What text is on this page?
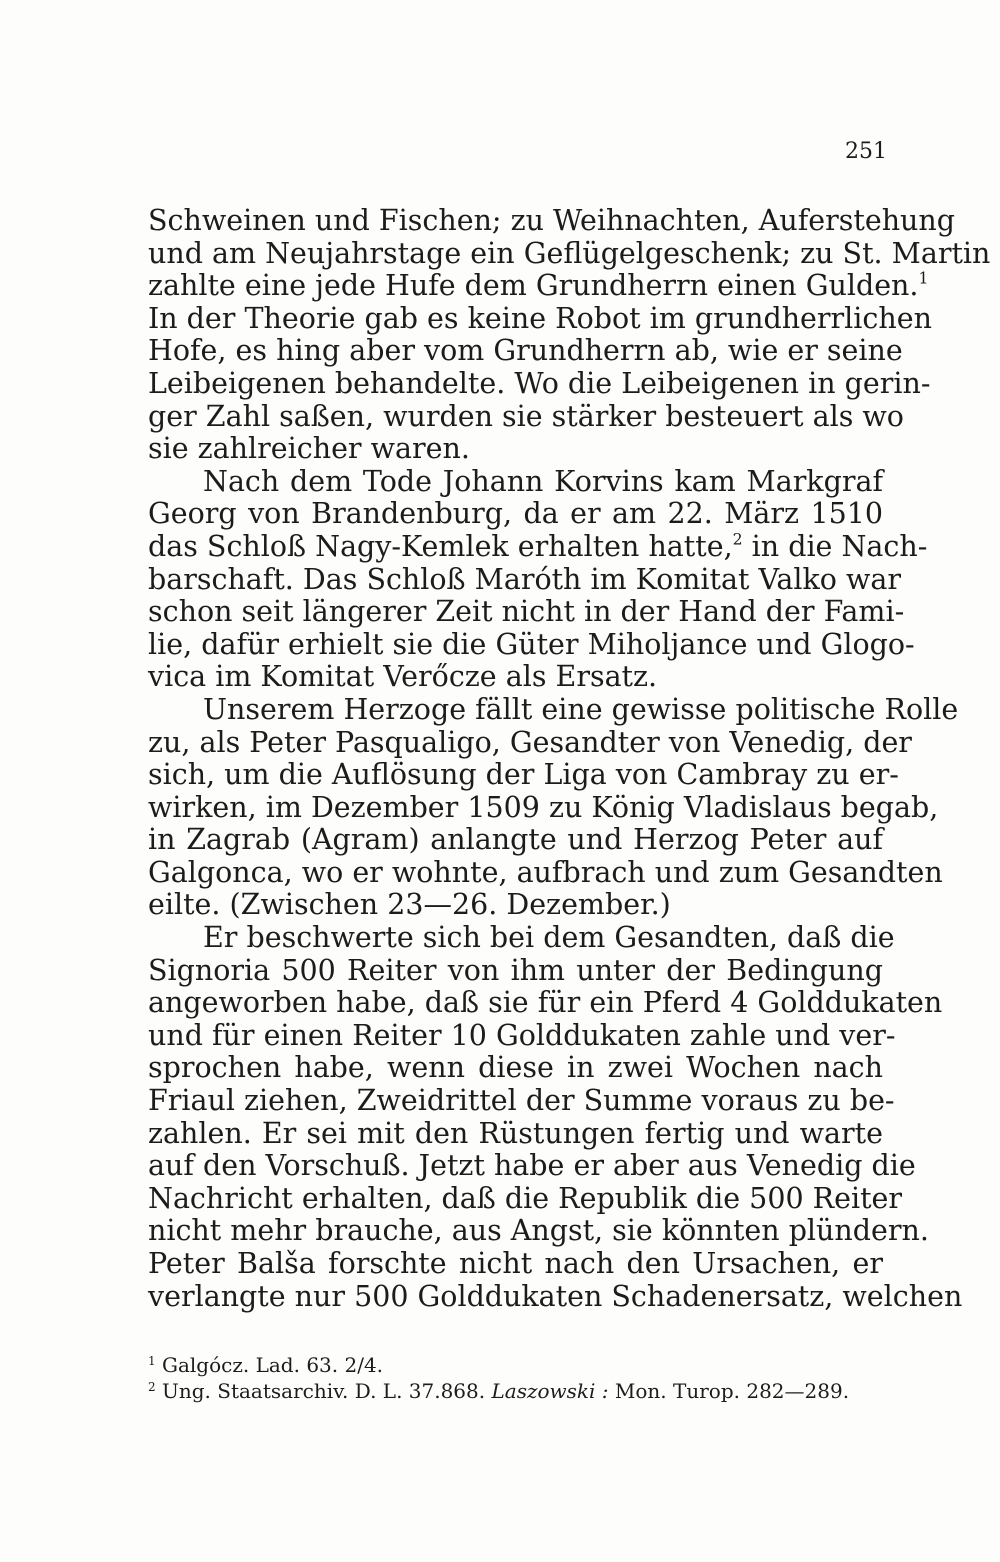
251
Schweinen und Fischen; zu Weihnachten, Auferstehung
und am Neujahrstage ein Geflügelgeschenk; zu St. Martin
zahlte eine jede Hufe dem Grundherrn einen Gulden.$^1$
In der Theorie gab es keine Robot im grundherrlichen
Hofe, es hing aber vom Grundherrn ab, wie er seine
Leibeigenen behandelte. Wo die Leibeigenen in gerin-
ger Zahl saßen, wurden sie stärker besteuert als wo
sie zahlreicher waren.
Nach dem Tode Johann Korvins kam Markgraf
Georg von Brandenburg, da er am 22. März 1510
das Schloß Nagy-Kemlek erhalten hatte,$^2$ in die Nach-
barschaft. Das Schloß Maróth im Komitat Valko war
schon seit längerer Zeit nicht in der Hand der Fami-
lie, dafür erhielt sie die Güter Miholjance und Glogo-
vica im Komitat Verőcze als Ersatz.
Unserem Herzoge fällt eine gewisse politische Rolle
zu, als Peter Pasqualigo, Gesandter von Venedig, der
sich, um die Auflösung der Liga von Cambray zu er-
wirken, im Dezember 1509 zu König Vladislaus begab,
in Zagrab (Agram) anlangte und Herzog Peter auf
Galgonca, wo er wohnte, aufbrach und zum Gesandten
eilte. (Zwischen 23—26. Dezember.)
Er beschwerte sich bei dem Gesandten, daß die
Signoria 500 Reiter von ihm unter der Bedingung
angeworben habe, daß sie für ein Pferd 4 Golddukaten
und für einen Reiter 10 Golddukaten zahle und ver-
sprochen habe, wenn diese in zwei Wochen nach
Friaul ziehen, Zweidrittel der Summe voraus zu be-
zahlen. Er sei mit den Rüstungen fertig und warte
auf den Vorschuß. Jetzt habe er aber aus Venedig die
Nachricht erhalten, daß die Republik die 500 Reiter
nicht mehr brauche, aus Angst, sie könnten plündern.
Peter Balša forschte nicht nach den Ursachen, er
verlangte nur 500 Golddukaten Schadenersatz, welchen
$^1$ Galgócz. Lad. 63. 2/4.
$^2$ Ung. Staatsarchiv. D. L. 37.868. Laszowski : Mon. Turop. 282—289.
